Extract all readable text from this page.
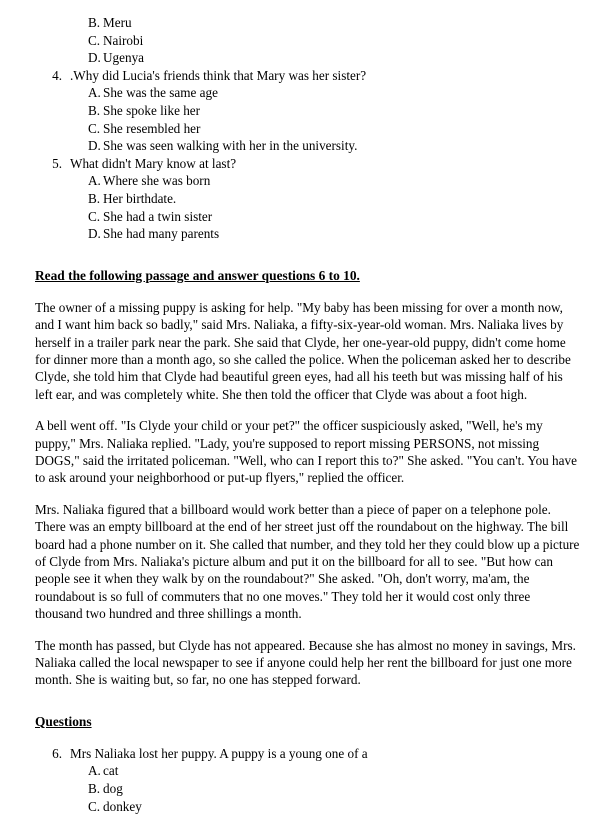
B. Meru
C. Nairobi
D. Ugenya
4. .Why did Lucia's friends think that Mary was her sister?
A. She was the same age
B. She spoke like her
C. She resembled her
D. She was seen walking with her in the university.
5. What didn't Mary know at last?
A. Where she was born
B. Her birthdate.
C. She had a twin sister
D. She had many parents
Read the following passage and answer questions 6 to 10.

The owner of a missing puppy is asking for help. "My baby has been missing for over a month now, and I want him back so badly," said Mrs. Naliaka, a fifty-six-year-old woman. Mrs. Naliaka lives by herself in a trailer park near the park. She said that Clyde, her one-year-old puppy, didn't come home for dinner more than a month ago, so she called the police. When the policeman asked her to describe Clyde, she told him that Clyde had beautiful green eyes, had all his teeth but was missing half of his left ear, and was completely white. She then told the officer that Clyde was about a foot high.

A bell went off. "Is Clyde your child or your pet?" the officer suspiciously asked, "Well, he's my puppy," Mrs. Naliaka replied. "Lady, you're supposed to report missing PERSONS, not missing DOGS," said the irritated policeman. "Well, who can I report this to?" She asked. "You can't. You have to ask around your neighborhood or put-up flyers," replied the officer.

Mrs. Naliaka figured that a billboard would work better than a piece of paper on a telephone pole. There was an empty billboard at the end of her street just off the roundabout on the highway. The bill board had a phone number on it. She called that number, and they told her they could blow up a picture of Clyde from Mrs. Naliaka's picture album and put it on the billboard for all to see. "But how can people see it when they walk by on the roundabout?" She asked. "Oh, don't worry, ma'am, the roundabout is so full of commuters that no one moves." They told her it would cost only three thousand two hundred and three shillings a month.

The month has passed, but Clyde has not appeared. Because she has almost no money in savings, Mrs. Naliaka called the local newspaper to see if anyone could help her rent the billboard for just one more month. She is waiting but, so far, no one has stepped forward.

Questions
6. Mrs Naliaka lost her puppy. A puppy is a young one of a
A. cat
B. dog
C. donkey
